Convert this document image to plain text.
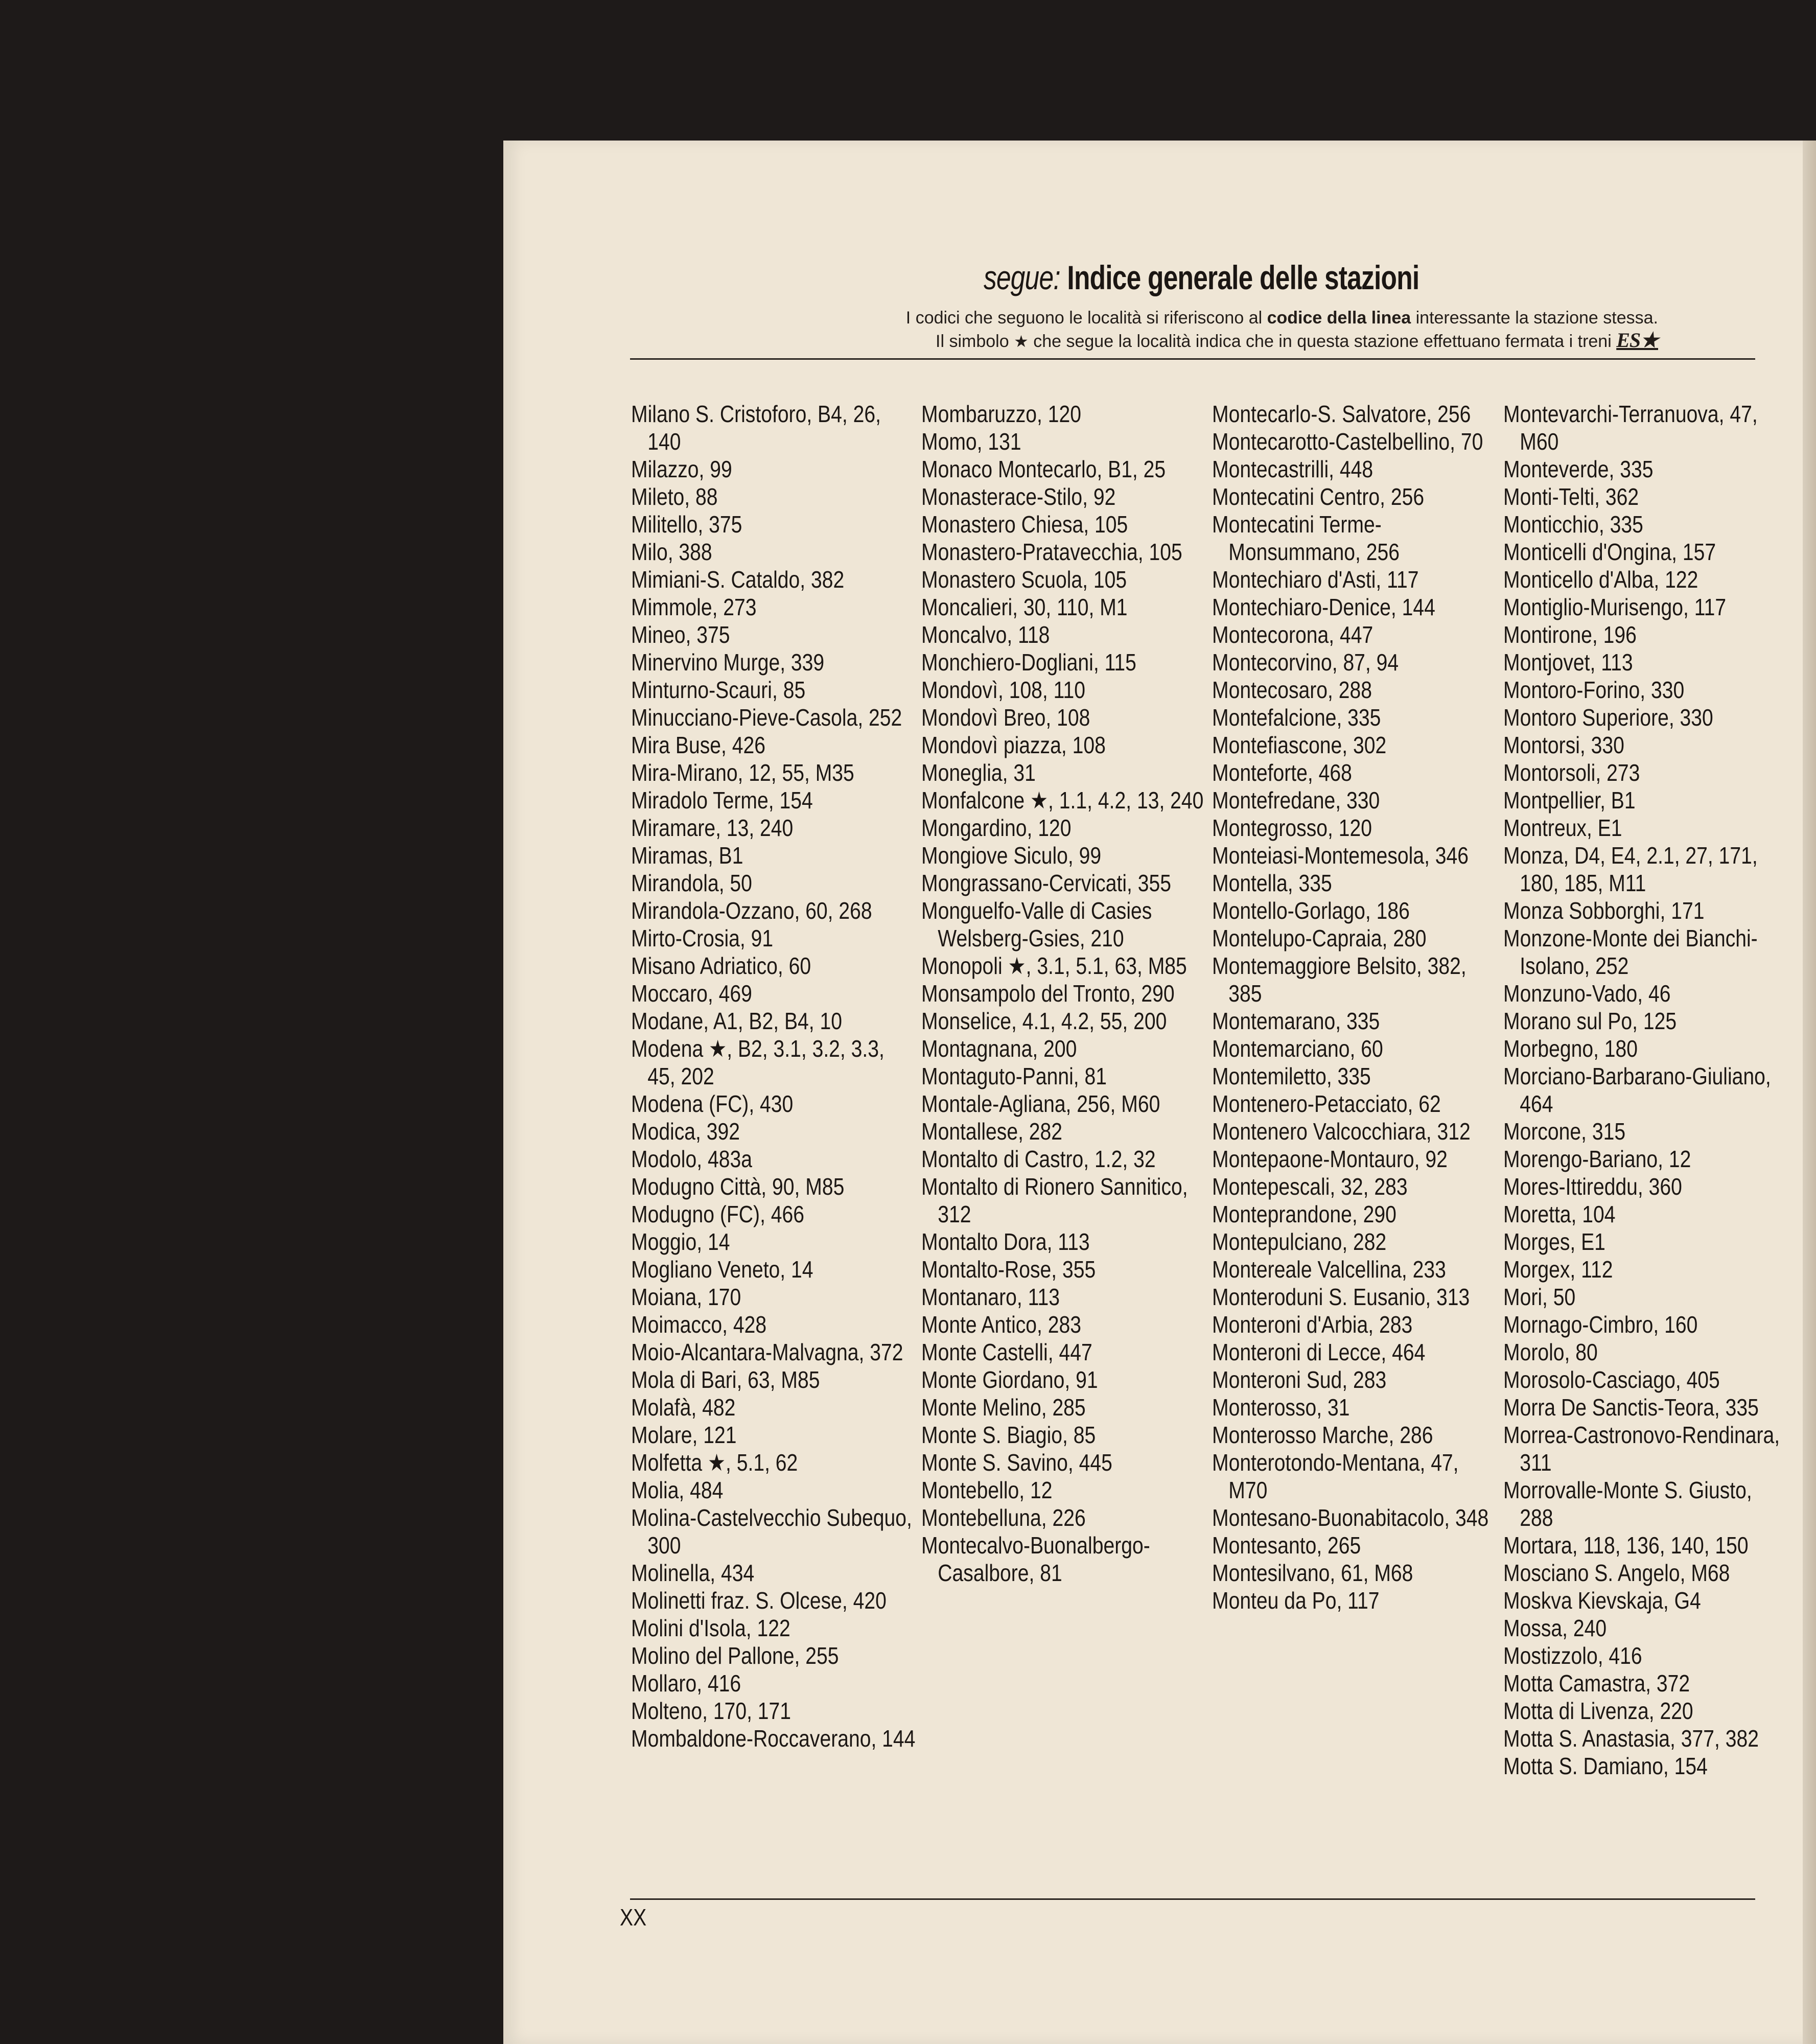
segue: Indice generale delle stazioni
I codici che seguono le località si riferiscono al codice della linea interessante la stazione stessa.
Il simbolo ★ che segue la località indica che in questa stazione effettuano fermata i treni ES★
Milano S. Cristoforo, B4, 26, 140
Milazzo, 99
Mileto, 88
Militello, 375
Milo, 388
Mimiani-S. Cataldo, 382
Mimmole, 273
Mineo, 375
Minervino Murge, 339
Minturno-Scauri, 85
Minucciano-Pieve-Casola, 252
Mira Buse, 426
Mira-Mirano, 12, 55, M35
Miradolo Terme, 154
Miramare, 13, 240
Miramas, B1
Mirandola, 50
Mirandola-Ozzano, 60, 268
Mirto-Crosia, 91
Misano Adriatico, 60
Moccaro, 469
Modane, A1, B2, B4, 10
Modena ★, B2, 3.1, 3.2, 3.3, 45, 202
Modena (FC), 430
Modica, 392
Modolo, 483a
Modugno Città, 90, M85
Modugno (FC), 466
Moggio, 14
Mogliano Veneto, 14
Moiana, 170
Moimacco, 428
Moio-Alcantara-Malvagna, 372
Mola di Bari, 63, M85
Molafà, 482
Molare, 121
Molfetta ★, 5.1, 62
Molia, 484
Molina-Castelvecchio Subequo, 300
Molinella, 434
Molinetti fraz. S. Olcese, 420
Molini d'Isola, 122
Molino del Pallone, 255
Mollaro, 416
Molteno, 170, 171
Mombaldone-Roccaverano, 144
Mombaruzzo, 120
Momo, 131
Monaco Montecarlo, B1, 25
Monasterace-Stilo, 92
Monastero Chiesa, 105
Monastero-Pratavecchia, 105
Monastero Scuola, 105
Moncalieri, 30, 110, M1
Moncalvo, 118
Monchiero-Dogliani, 115
Mondovì, 108, 110
Mondovì Breo, 108
Mondovì piazza, 108
Moneglia, 31
Monfalcone ★, 1.1, 4.2, 13, 240
Mongardino, 120
Mongiove Siculo, 99
Mongrassano-Cervicati, 355
Monguelfo-Valle di Casies Welsberg-Gsies, 210
Monopoli ★, 3.1, 5.1, 63, M85
Monsampolo del Tronto, 290
Monselice, 4.1, 4.2, 55, 200
Montagnana, 200
Montaguto-Panni, 81
Montale-Agliana, 256, M60
Montallese, 282
Montalto di Castro, 1.2, 32
Montalto di Rionero Sannitico, 312
Montalto Dora, 113
Montalto-Rose, 355
Montanaro, 113
Monte Antico, 283
Monte Castelli, 447
Monte Giordano, 91
Monte Melino, 285
Monte S. Biagio, 85
Monte S. Savino, 445
Montebello, 12
Montebelluna, 226
Montecalvo-Buonalbergo-Casalbore, 81
Montecarlo-S. Salvatore, 256
Montecarotto-Castelbellino, 70
Montecastrilli, 448
Montecatini Centro, 256
Montecatini Terme-Monsummano, 256
Montechiaro d'Asti, 117
Montechiaro-Denice, 144
Montecorona, 447
Montecorvino, 87, 94
Montecosaro, 288
Montefalcione, 335
Montefiascone, 302
Monteforte, 468
Montefredane, 330
Montegrosso, 120
Monteiasi-Montemesola, 346
Montella, 335
Montello-Gorlago, 186
Montelupo-Capraia, 280
Montemaggiore Belsito, 382, 385
Montemarano, 335
Montemarciano, 60
Montemiletto, 335
Montenero-Petacciato, 62
Montenero Valcocchiara, 312
Montepaone-Montauro, 92
Montepescali, 32, 283
Monteprandone, 290
Montepulciano, 282
Montereale Valcellina, 233
Monteroduni S. Eusanio, 313
Monteroni d'Arbia, 283
Monteroni di Lecce, 464
Monteroni Sud, 283
Monterosso, 31
Monterosso Marche, 286
Monterotondo-Mentana, 47, M70
Montesano-Buonabitacolo, 348
Montesanto, 265
Montesilvano, 61, M68
Monteu da Po, 117
Montevarchi-Terranuova, 47, M60
Monteverde, 335
Monti-Telti, 362
Monticchio, 335
Monticelli d'Ongina, 157
Monticello d'Alba, 122
Montiglio-Murisengo, 117
Montirone, 196
Montjovet, 113
Montoro-Forino, 330
Montoro Superiore, 330
Montorsi, 330
Montorsoli, 273
Montpellier, B1
Montreux, E1
Monza, D4, E4, 2.1, 27, 171, 180, 185, M11
Monza Sobborghi, 171
Monzone-Monte dei Bianchi-Isolano, 252
Monzuno-Vado, 46
Morano sul Po, 125
Morbegno, 180
Morciano-Barbarano-Giuliano, 464
Morcone, 315
Morengo-Bariano, 12
Mores-Ittireddu, 360
Moretta, 104
Morges, E1
Morgex, 112
Mori, 50
Mornago-Cimbro, 160
Morolo, 80
Morosolo-Casciago, 405
Morra De Sanctis-Teora, 335
Morrea-Castronovo-Rendinara, 311
Morrovalle-Monte S. Giusto, 288
Mortara, 118, 136, 140, 150
Mosciano S. Angelo, M68
Moskva Kievskaja, G4
Mossa, 240
Mostizzolo, 416
Motta Camastra, 372
Motta di Livenza, 220
Motta S. Anastasia, 377, 382
Motta S. Damiano, 154
XX
